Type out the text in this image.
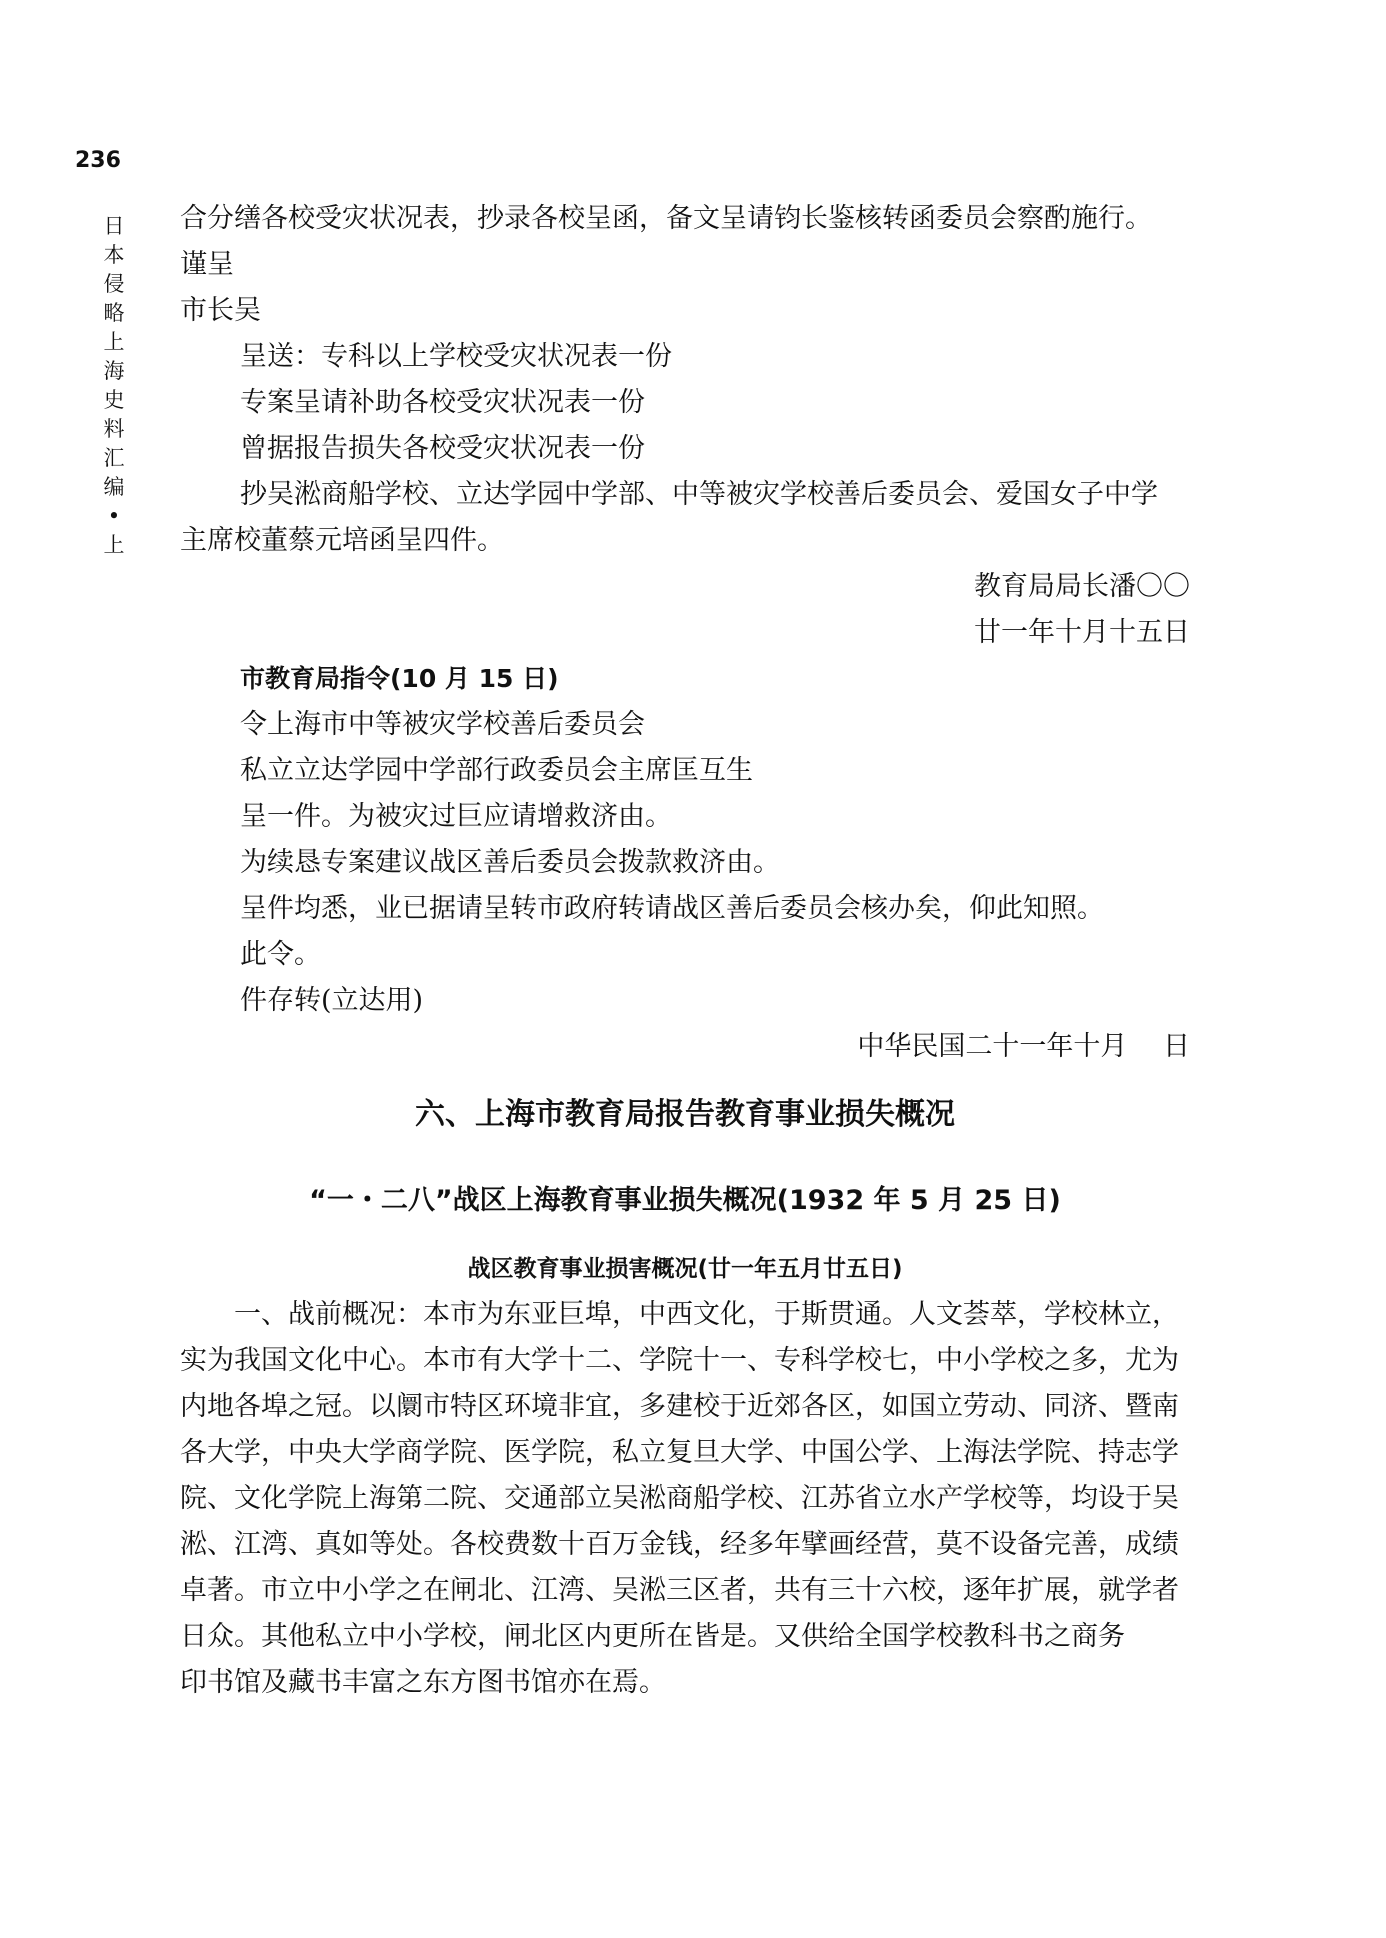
236
日
本
侵
略
上
海
史
料
汇
编
•
上

合分缮各校受灾状况表，抄录各校呈函，备文呈请钧长鉴核转函委员会察酌施行。

谨呈

市长吴

呈送：专科以上学校受灾状况表一份

专案呈请补助各校受灾状况表一份

曾据报告损失各校受灾状况表一份

抄吴淞商船学校、立达学园中学部、中等被灾学校善后委员会、爱国女子中学

主席校董蔡元培函呈四件。

教育局局长潘〇〇

廿一年十月十五日

市教育局指令(10 月 15 日)

令上海市中等被灾学校善后委员会

私立立达学园中学部行政委员会主席匡互生

呈一件。为被灾过巨应请增救济由。

为续恳专案建议战区善后委员会拨款救济由。

呈件均悉，业已据请呈转市政府转请战区善后委员会核办矣，仰此知照。

此令。

件存转(立达用)

中华民国二十一年十月　 日

六、上海市教育局报告教育事业损失概况
“一・二八”战区上海教育事业损失概况(1932 年 5 月 25 日)
战区教育事业损害概况(廿一年五月廿五日)

一、战前概况：本市为东亚巨埠，中西文化，于斯贯通。人文荟萃，学校林立，

实为我国文化中心。本市有大学十二、学院十一、专科学校七，中小学校之多，尤为

内地各埠之冠。以阛市特区环境非宜，多建校于近郊各区，如国立劳动、同济、暨南

各大学，中央大学商学院、医学院，私立复旦大学、中国公学、上海法学院、持志学

院、文化学院上海第二院、交通部立吴淞商船学校、江苏省立水产学校等，均设于吴

淞、江湾、真如等处。各校费数十百万金钱，经多年擘画经营，莫不设备完善，成绩

卓著。市立中小学之在闸北、江湾、吴淞三区者，共有三十六校，逐年扩展，就学者

日众。其他私立中小学校，闸北区内更所在皆是。又供给全国学校教科书之商务

印书馆及藏书丰富之东方图书馆亦在焉。
